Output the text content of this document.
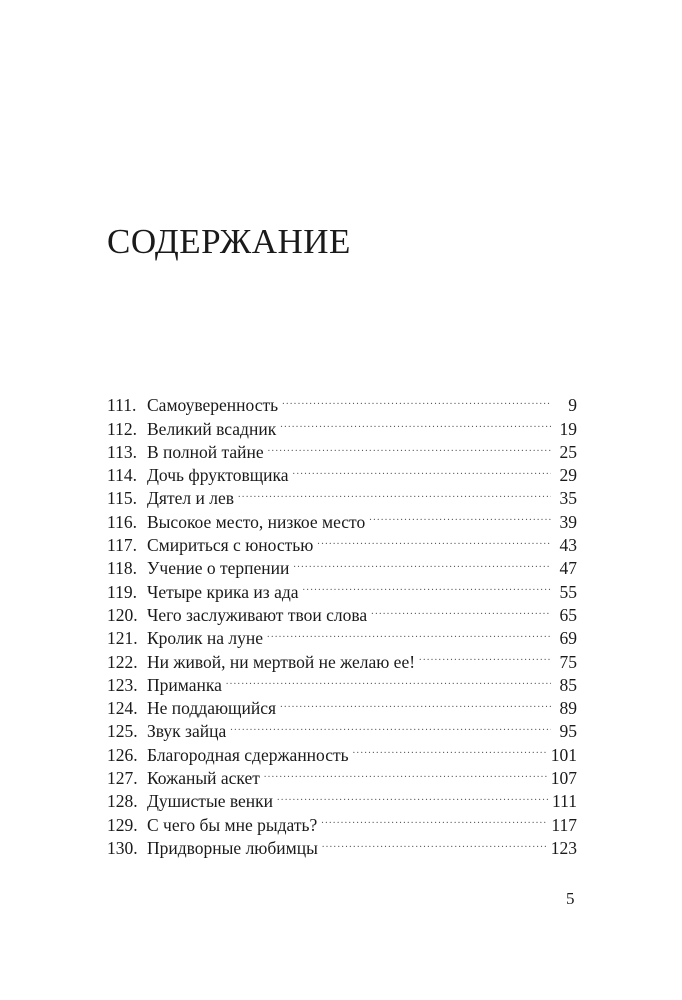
СОДЕРЖАНИЕ
111. Самоуверенность .....	9
112. Великий всадник .....	19
113. В полной тайне .....	25
114. Дочь фруктовщика .....	29
115. Дятел и лев .....	35
116. Высокое место, низкое место .....	39
117. Смириться с юностью .....	43
118. Учение о терпении .....	47
119. Четыре крика из ада .....	55
120. Чего заслуживают твои слова .....	65
121. Кролик на луне .....	69
122. Ни живой, ни мертвой не желаю ее! .....	75
123. Приманка .....	85
124. Не поддающийся .....	89
125. Звук зайца .....	95
126. Благородная сдержанность .....	101
127. Кожаный аскет .....	107
128. Душистые венки .....	111
129. С чего бы мне рыдать? .....	117
130. Придворные любимцы .....	123
5
